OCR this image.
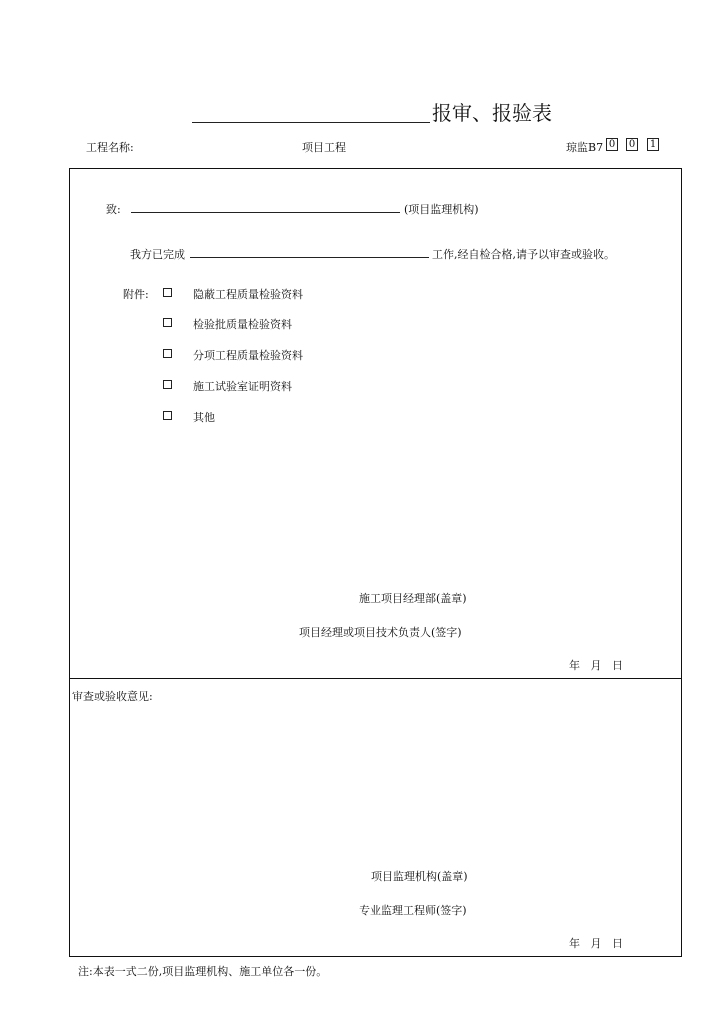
报审、报验表
工程名称:	项目工程	琼监B7 0 0 1
致:	(项目监理机构)
我方已完成	工作,经自检合格,请予以审查或验收。
附件:	隐蔽工程质量检验资料
检验批质量检验资料
分项工程质量检验资料
施工试验室证明资料
其他
施工项目经理部(盖章)
项目经理或项目技术负责人(签字)
年   月   日
审查或验收意见:
项目监理机构(盖章)
专业监理工程师(签字)
年   月   日
注:本表一式二份,项目监理机构、施工单位各一份。
